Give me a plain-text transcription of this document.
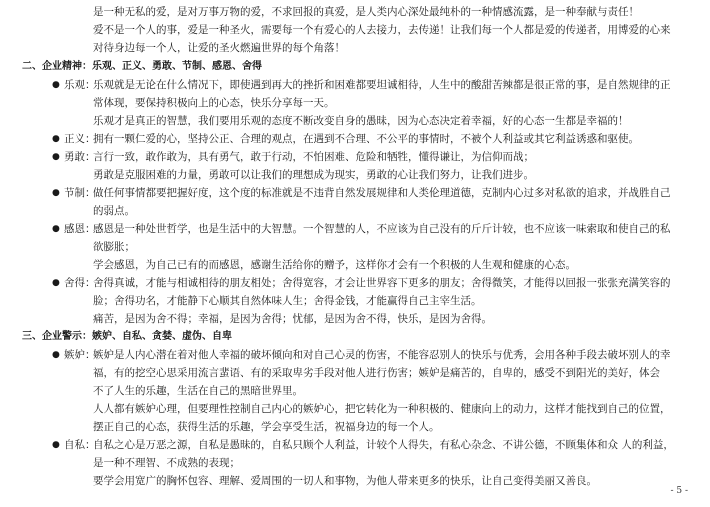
是一种无私的爱，是对万事万物的爱，不求回报的真爱，是人类内心深处最纯朴的一种情感流露，是一种奉献与责任！
爱不是一个人的事，爱是一种圣火，需要每一个有爱心的人去接力，去传递！让我们每一个人都是爱的传递者，用博爱的心来
对待身边每一个人，让爱的圣火燃遍世界的每个角落！
二、企业精神：乐观、正义、勇敢、节制、感恩、舍得
● 乐观：
乐观就是无论在什么情况下，即使遇到再大的挫折和困难都要坦诚相待，人生中的酸甜苦辣都是很正常的事，是自然规律的正
常体现，要保持积极向上的心态，快乐分享每一天。
乐观才是真正的智慧，我们要用乐观的态度不断改变自身的愚昧，因为心态决定着幸福，好的心态一生都是幸福的！
● 正义：
拥有一颗仁爱的心，坚持公正、合理的观点，在遇到不合理、不公平的事情时，不被个人利益或其它利益诱惑和驱使。
● 勇敢：
言行一致，敢作敢为，具有勇气，敢于行动，不怕困难、危险和牺牲，懂得谦让，为信仰而战；
勇敢是克服困难的力量，勇敢可以让我们的理想成为现实，勇敢的心让我们努力，让我们进步。
● 节制：
做任何事情都要把握好度，这个度的标准就是不违背自然发展规律和人类伦理道德，克制内心过多对私欲的追求，并战胜自己
的弱点。
● 感恩：
感恩是一种处世哲学，也是生活中的大智慧。一个智慧的人，不应该为自己没有的斤斤计较，也不应该一味索取和使自己的私
欲膨胀；
学会感恩，为自己已有的而感恩，感谢生活给你的赠予，这样你才会有一个积极的人生观和健康的心态。
● 舍得：
舍得真诚，才能与相诚相待的朋友相处；舍得宽容，才会让世界容下更多的朋友；舍得微笑，才能得以回报一张张充满笑容的
脸；舍得功名，才能静下心顺其自然体味人生；舍得金钱，才能赢得自己主宰生活。
痛苦，是因为舍不得；幸福，是因为舍得；忧郁，是因为舍不得，快乐，是因为舍得。
三、企业警示：嫉妒、自私、贪婪、虚伪、自卑
● 嫉妒：
嫉妒是人内心潜在着对他人幸福的破坏倾向和对自己心灵的伤害，不能容忍别人的快乐与优秀，会用各种手段去破坏别人的幸
福，有的挖空心思采用流言蜚语、有的采取卑劣手段对他人进行伤害；嫉妒是痛苦的，自卑的，感受不到阳光的美好，体会
不了人生的乐趣，生活在自己的黑暗世界里。
人人都有嫉妒心理，但要理性控制自己内心的嫉妒心，把它转化为一种积极的、健康向上的动力，这样才能找到自己的位置，
摆正自己的心态，获得生活的乐趣，学会享受生活，祝福身边的每一个人。
● 自私：
自私之心是万恶之源，自私是愚昧的，自私只顾个人利益，计较个人得失，有私心杂念、不讲公德，不顾集体和众 人的利益，
是一种不理智、不成熟的表现；
要学会用宽广的胸怀包容、理解、爱周围的一切人和事物，为他人带来更多的快乐，让自己变得美丽又善良。
- 5 -
